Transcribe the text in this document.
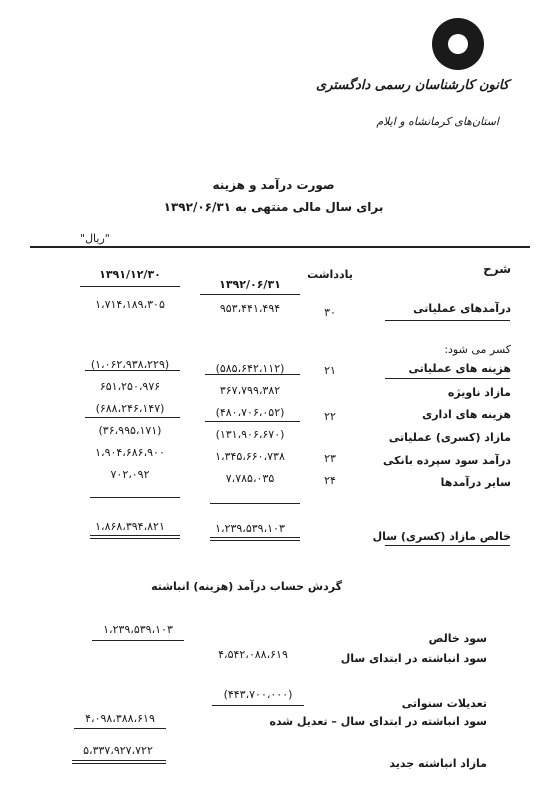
کانون کارشناسان رسمی دادگستری
استان‌های کرمانشاه و ایلام
صورت درآمد و هزینه
برای سال مالی منتهی به ۱۳۹۲/۰۶/۳۱
"ریال"
شرح
یادداشت
۱۳۹۲/۰۶/۳۱
۱۳۹۱/۱۲/۳۰
درآمدهای عملیاتی
۳۰
۹۵۳،۴۴۱،۴۹۴
۱،۷۱۴،۱۸۹،۳۰۵
کسر می شود:
هزینه های عملیاتی
۲۱
(۵۸۵،۶۴۲،۱۱۲)
(۱،۰۶۲،۹۳۸،۲۲۹)
مازاد ناویژه
۳۶۷،۷۹۹،۳۸۲
۶۵۱،۲۵۰،۹۷۶
هزینه های اداری
۲۲
(۴۸۰،۷۰۶،۰۵۲)
(۶۸۸،۲۴۶،۱۴۷)
مازاد (کسری) عملیاتی
(۱۳۱،۹۰۶،۶۷۰)
(۳۶،۹۹۵،۱۷۱)
درآمد سود سپرده بانکی
۲۳
۱،۳۴۵،۶۶۰،۷۳۸
۱،۹۰۴،۶۸۶،۹۰۰
سایر درآمدها
۲۴
۷،۷۸۵،۰۳۵
۷۰۲،۰۹۲
خالص مازاد (کسری) سال
۱،۲۳۹،۵۳۹،۱۰۳
۱،۸۶۸،۳۹۴،۸۲۱
گردش حساب درآمد (هزینه) انباشته
سود خالص
۱،۲۳۹،۵۳۹،۱۰۳
سود انباشته در ابتدای سال
۴،۵۴۲،۰۸۸،۶۱۹
تعدیلات سنواتی
(۴۴۳،۷۰۰،۰۰۰)
سود انباشته در ابتدای سال – تعدیل شده
۴،۰۹۸،۳۸۸،۶۱۹
مازاد انباشته جدید
۵،۳۳۷،۹۲۷،۷۲۲
